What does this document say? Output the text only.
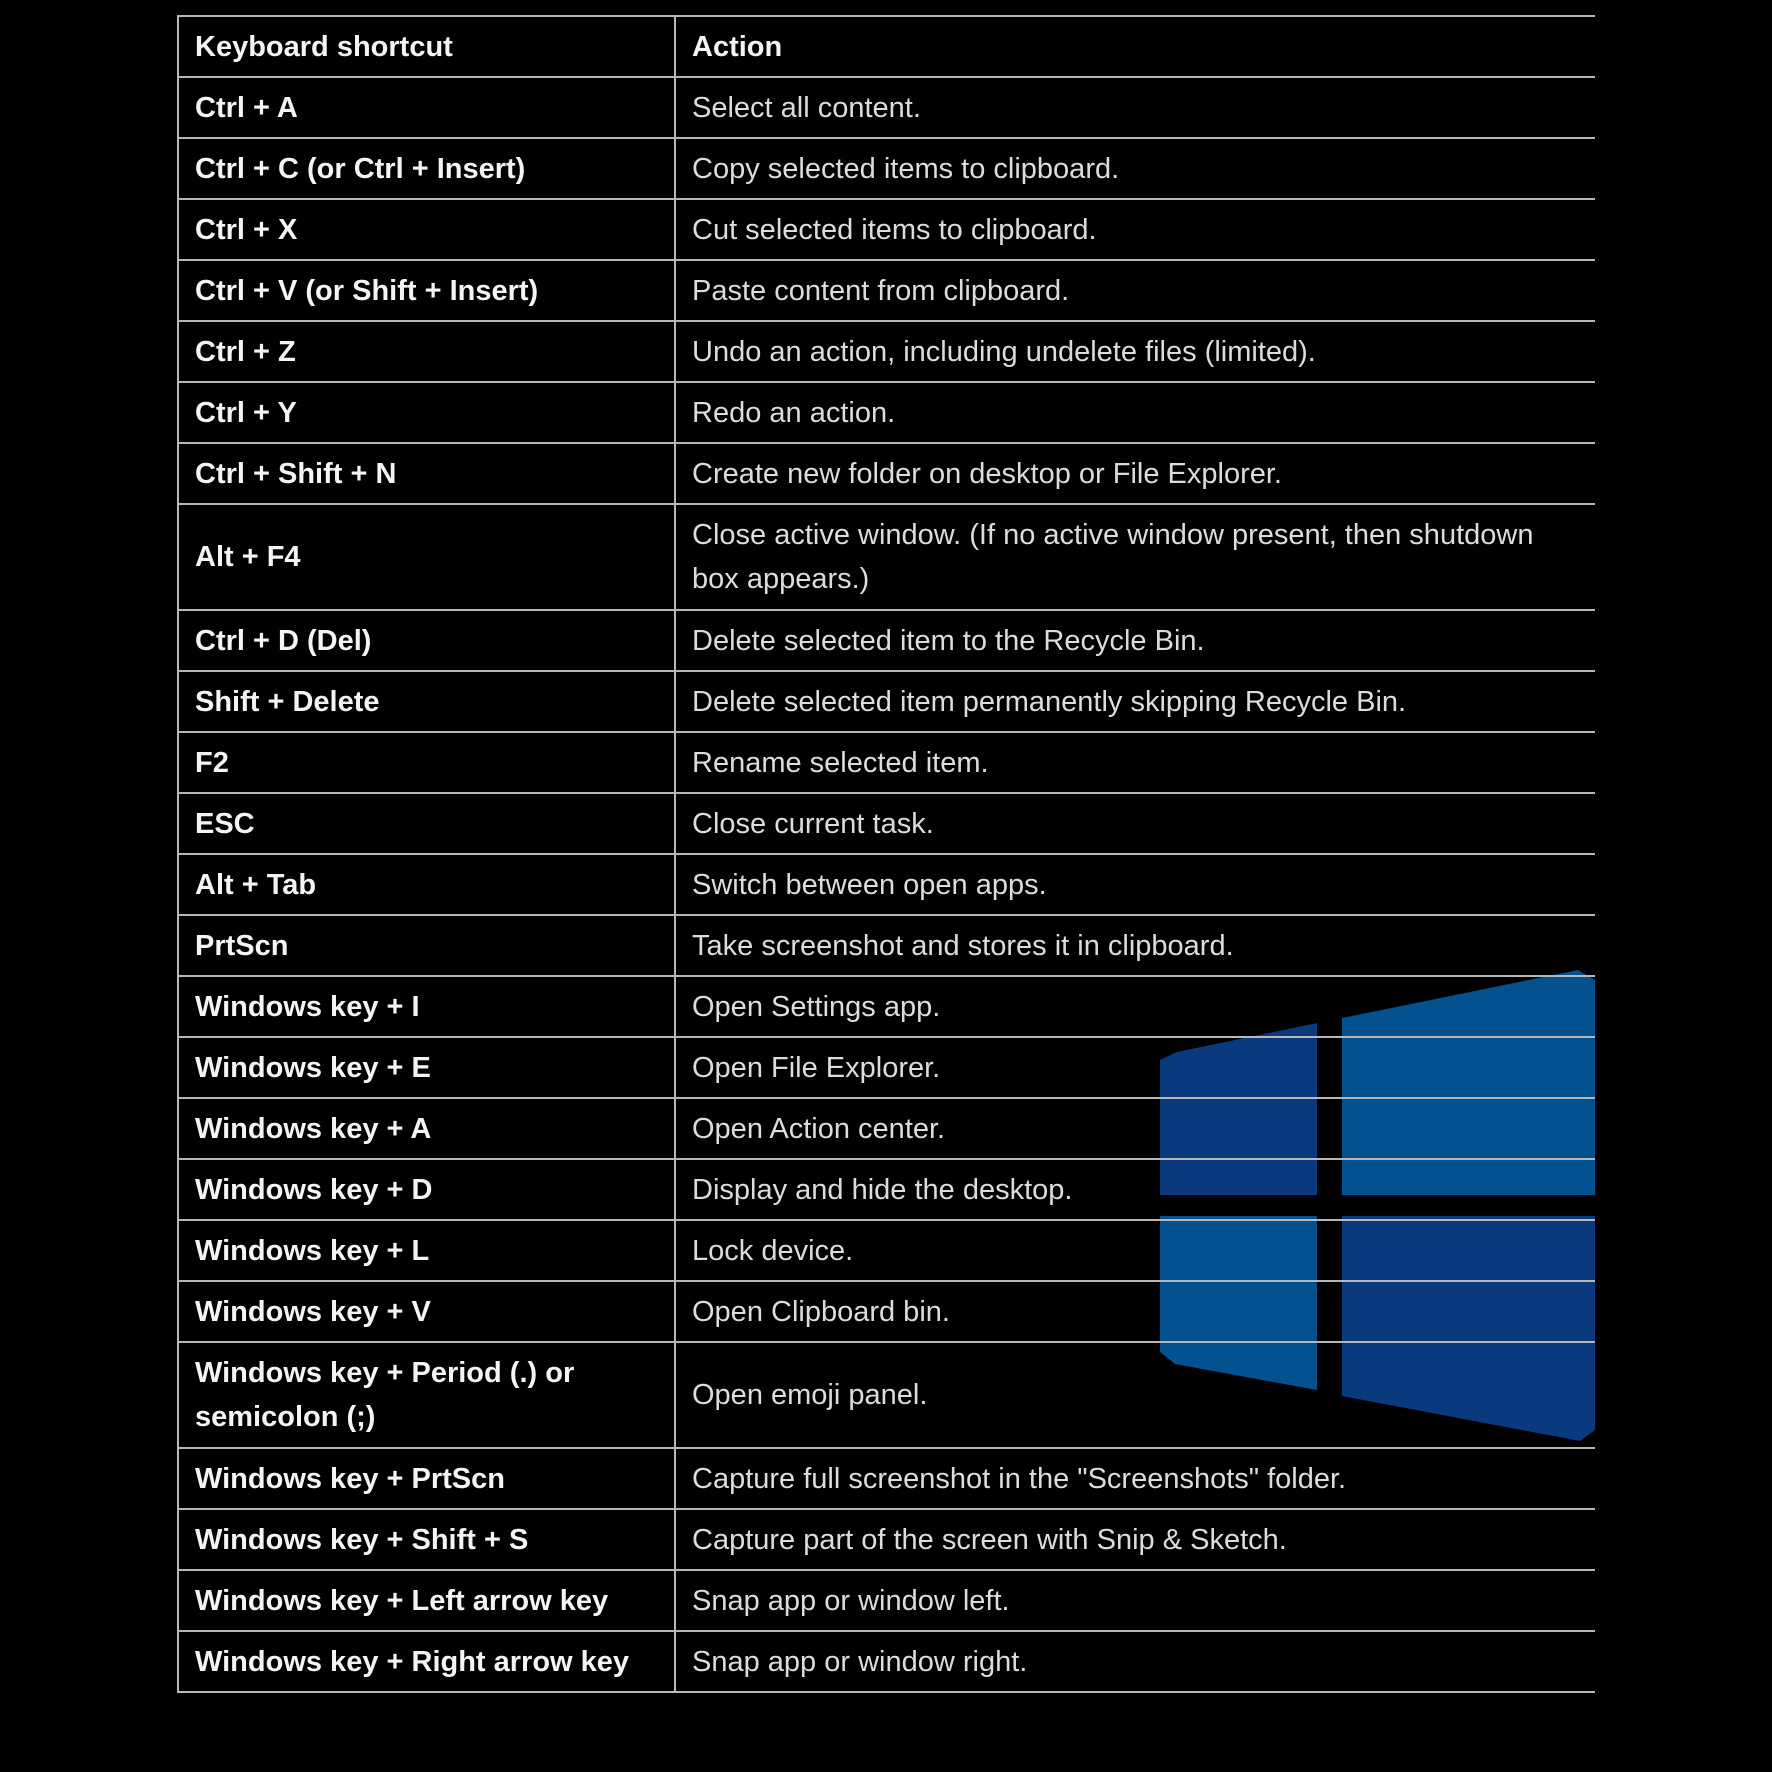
Keyboard shortcut	Action
Ctrl + A	Select all content.
Ctrl + C (or Ctrl + Insert)	Copy selected items to clipboard.
Ctrl + X	Cut selected items to clipboard.
Ctrl + V (or Shift + Insert)	Paste content from clipboard.
Ctrl + Z	Undo an action, including undelete files (limited).
Ctrl + Y	Redo an action.
Ctrl + Shift + N	Create new folder on desktop or File Explorer.
Alt + F4	Close active window. (If no active window present, then shutdown box appears.)
Ctrl + D (Del)	Delete selected item to the Recycle Bin.
Shift + Delete	Delete selected item permanently skipping Recycle Bin.
F2	Rename selected item.
ESC	Close current task.
Alt + Tab	Switch between open apps.
PrtScn	Take screenshot and stores it in clipboard.
Windows key + I	Open Settings app.
Windows key + E	Open File Explorer.
Windows key + A	Open Action center.
Windows key + D	Display and hide the desktop.
Windows key + L	Lock device.
Windows key + V	Open Clipboard bin.
Windows key + Period (.) or semicolon (;)	Open emoji panel.
Windows key + PrtScn	Capture full screenshot in the "Screenshots" folder.
Windows key + Shift + S	Capture part of the screen with Snip & Sketch.
Windows key + Left arrow key	Snap app or window left.
Windows key + Right arrow key	Snap app or window right.
